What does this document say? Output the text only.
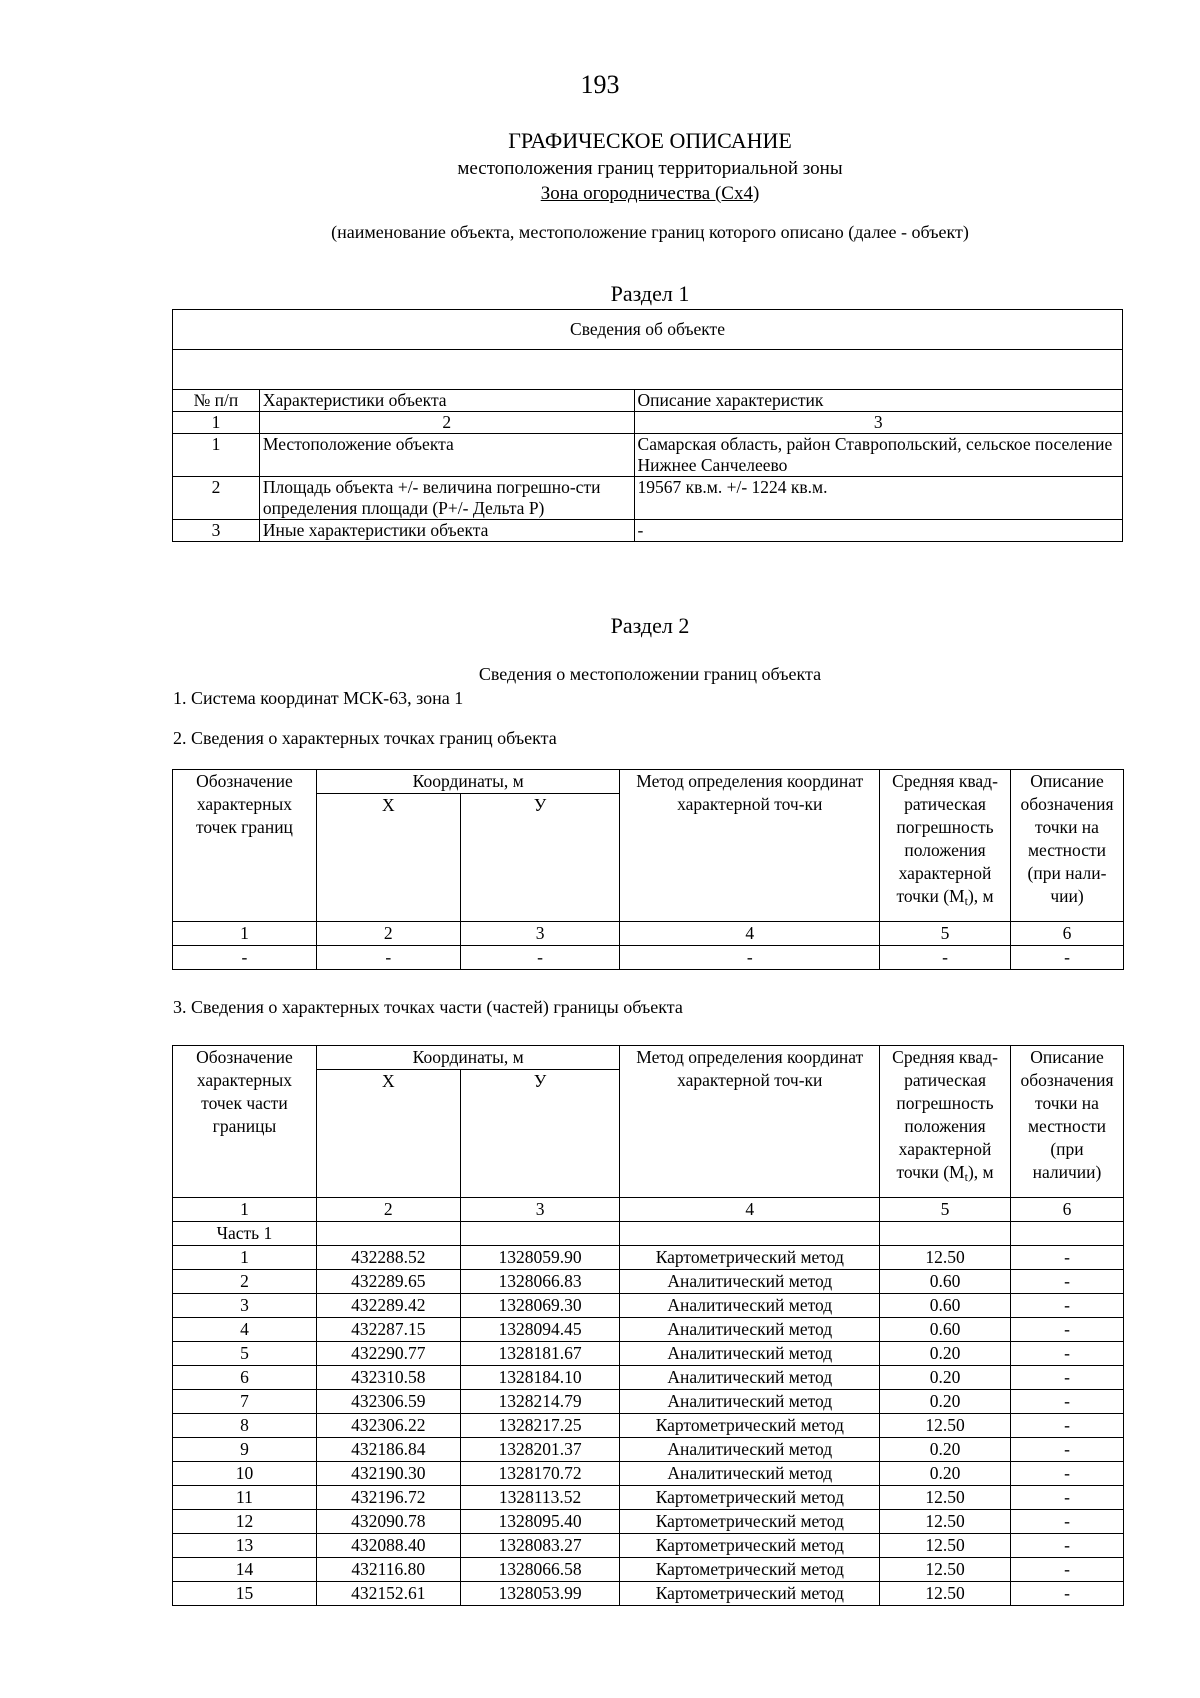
193
ГРАФИЧЕСКОЕ ОПИСАНИЕ
местоположения границ территориальной зоны
Зона огородничества (Сх4)
(наименование объекта, местоположение границ которого описано (далее - объект)
Раздел 1
Сведения об объекте		

№ п/п	Характеристики объекта	Описание характеристик
1	2	3
1	Местоположение объекта	Самарская область, район Ставропольский, сельское поселение Нижнее Санчелеево
2	Площадь объекта +/- величина погрешно-сти определения площади (Р+/- Дельта Р)	19567 кв.м. +/- 1224 кв.м.
3	Иные характеристики объекта	-
Раздел 2
Сведения о местоположении границ объекта
1. Система координат МСК-63, зона 1
2. Сведения о характерных точках границ объекта
Обозначение характерных точек границ	Координаты, м		Метод определения координат характерной точ-ки	Средняя квад-ратическая погрешность положения характерной точки $(M_t)$, м	Описание обозначения точки на местности (при нали-чии)
	X	У			
1	2	3	4	5	6
-	-	-	-	-	-
3. Сведения о характерных точках части (частей) границы объекта
Обозначение характерных точек части границы	Координаты, м		Метод определения координат характерной точ-ки	Средняя квад-ратическая погрешность положения характерной точки $(M_t)$, м	Описание обозначения точки на местности (при наличии)
	X	У			
1	2	3	4	5	6
Часть 1					
1	432288.52	1328059.90	Картометрический метод	12.50	-
2	432289.65	1328066.83	Аналитический метод	0.60	-
3	432289.42	1328069.30	Аналитический метод	0.60	-
4	432287.15	1328094.45	Аналитический метод	0.60	-
5	432290.77	1328181.67	Аналитический метод	0.20	-
6	432310.58	1328184.10	Аналитический метод	0.20	-
7	432306.59	1328214.79	Аналитический метод	0.20	-
8	432306.22	1328217.25	Картометрический метод	12.50	-
9	432186.84	1328201.37	Аналитический метод	0.20	-
10	432190.30	1328170.72	Аналитический метод	0.20	-
11	432196.72	1328113.52	Картометрический метод	12.50	-
12	432090.78	1328095.40	Картометрический метод	12.50	-
13	432088.40	1328083.27	Картометрический метод	12.50	-
14	432116.80	1328066.58	Картометрический метод	12.50	-
15	432152.61	1328053.99	Картометрический метод	12.50	-
